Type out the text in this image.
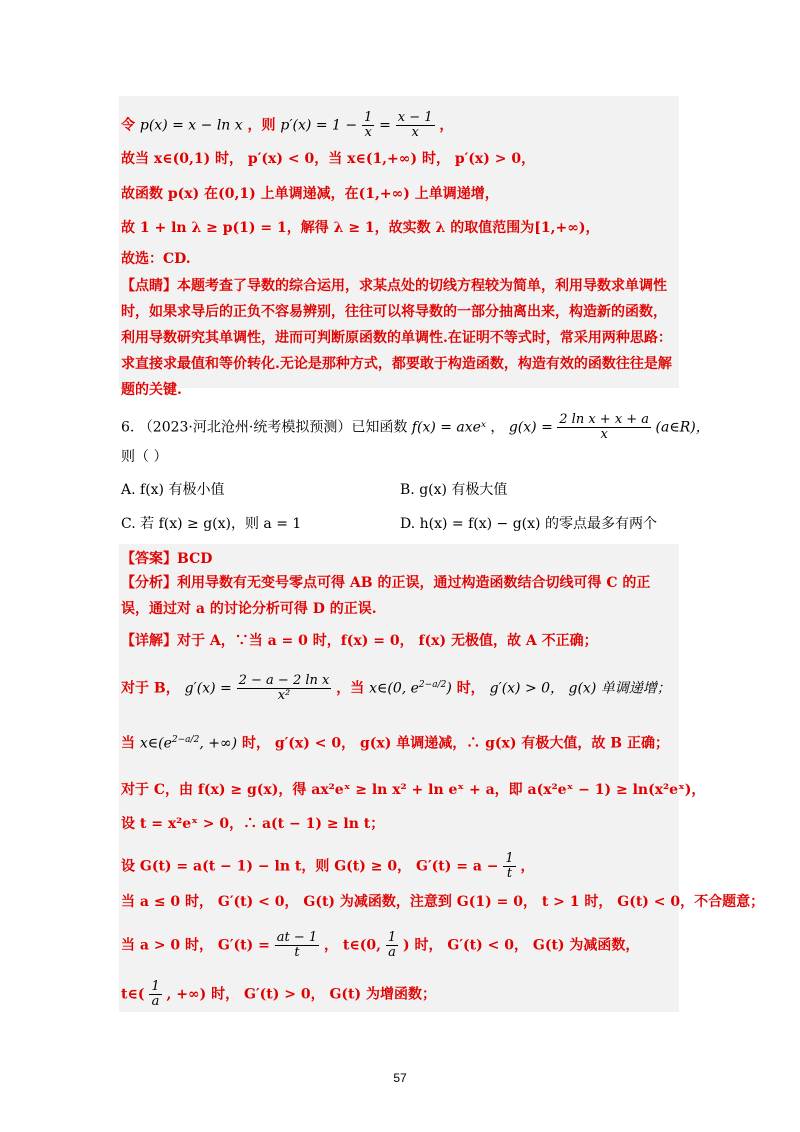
令 p(x) = x − ln x ，则 $p'(x) = 1 - \frac{1}{x} = \frac{x - 1}{x}$ ，
故当 x∈(0,1) 时， p′(x) < 0，当 x∈(1,+∞) 时， p′(x) > 0，
故函数 p(x) 在(0,1) 上单调递减，在(1,+∞) 上单调递增，
故 1 + ln λ ≥ p(1) = 1，解得 λ ≥ 1，故实数 λ 的取值范围为[1,+∞)，
故选：CD.
【点睛】本题考查了导数的综合运用，求某点处的切线方程较为简单，利用导数求单调性时，如果求导后的正负不容易辨别，往往可以将导数的一部分抽离出来，构造新的函数，利用导数研究其单调性，进而可判断原函数的单调性.在证明不等式时，常采用两种思路：求直接求最值和等价转化.无论是那种方式，都要敢于构造函数，构造有效的函数往往是解题的关键.
6. （2023·河北沧州·统考模拟预测）已知函数 f(x) = axeˣ ， $g(x) = \frac{\text{2 ln x + x + a}}{x}$ (a∈R)，
则（ ）
A. f(x) 有极小值	B. g(x) 有极大值
C. 若 f(x) ≥ g(x)，则 a = 1	D. h(x) = f(x) − g(x) 的零点最多有两个
【答案】BCD
【分析】利用导数有无变号零点可得 AB 的正误，通过构造函数结合切线可得 C 的正误，通过对 a 的讨论分析可得 D 的正误.
【详解】对于 A，∵当 a = 0 时，f(x) = 0， f(x) 无极值，故 A 不正确；
对于 B， $g'(x) = \frac{\text{2 − a − 2 ln x}}{\text{x²}}$ ，当 x∈(0, $e^{2-a/2}$) 时， g′(x) > 0， g(x) 单调递增；
当 $x\in(e^{2-a/2}$, +∞) 时， g′(x) < 0， g(x) 单调递减，∴ g(x) 有极大值，故 B 正确；
对于 C，由 f(x) ≥ g(x)，得 ax²eˣ ≥ ln x² + ln eˣ + a，即 a(x²eˣ − 1) ≥ ln(x²eˣ)，
设 t = x²eˣ > 0，∴ a(t − 1) ≥ ln t；
设 G(t) = a(t − 1) − ln t，则 G(t) ≥ 0， $G'(t) = a - \frac{1}{t}$ ，
当 a ≤ 0 时， G′(t) < 0， G(t) 为减函数，注意到 G(1) = 0， t > 1 时， G(t) < 0，不合题意；
当 a > 0 时， $G'(t) = \frac{at - 1}{t}$ ， t∈(0, $\frac{1}{a}$ ) 时， G′(t) < 0， G(t) 为减函数，
t∈( $\frac{1}{a}$ , +∞) 时， G′(t) > 0， G(t) 为增函数；
57
